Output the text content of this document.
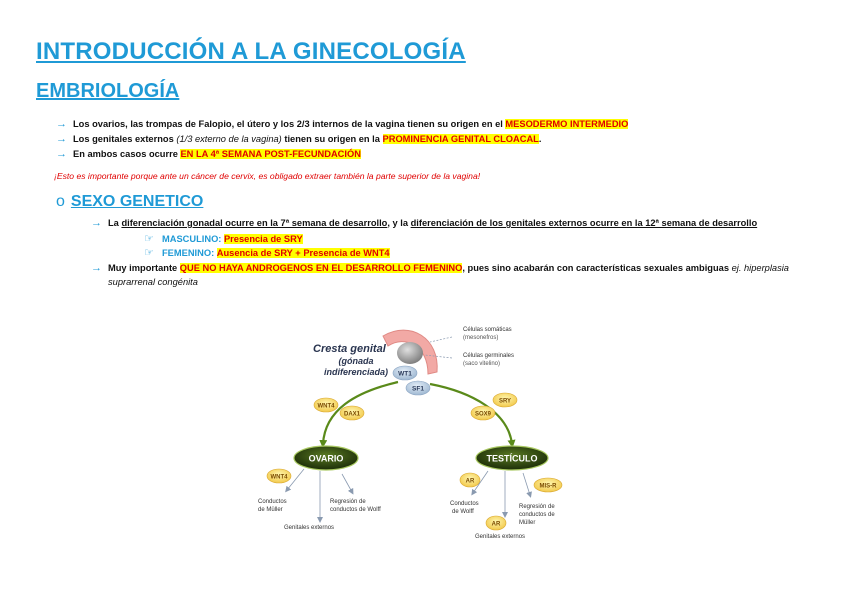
INTRODUCCIÓN A LA GINECOLOGÍA
EMBRIOLOGÍA
→ Los ovarios, las trompas de Falopio, el útero y los 2/3 internos de la vagina tienen su origen en el MESODERMO INTERMEDIO
→ Los genitales externos (1/3 externo de la vagina) tienen su origen en la PROMINENCIA GENITAL CLOACAL.
→ En ambos casos ocurre EN LA 4ª SEMANA POST-FECUNDACIÓN
¡Esto es importante porque ante un cáncer de cervix, es obligado extraer también la parte superior de la vagina!
o SEXO GENETICO
→ La diferenciación gonadal ocurre en la 7ª semana de desarrollo, y la diferenciación de los genitales externos ocurre en la 12ª semana de desarrollo
☞ MASCULINO: Presencia de SRY
☞ FEMENINO: Ausencia de SRY + Presencia de WNT4
→ Muy importante QUE NO HAYA ANDROGENOS EN EL DESARROLLO FEMENINO, pues sino acabarán con características sexuales ambiguas ej. hiperplasia
suprarrenal congénita
Cresta genital
(gónada
indiferenciada)
Células somáticas
(mesonefros)
Células germinales
(saco vitelino)
WT1
SF1
WNT4
DAX1
SRY
SOX9
OVARIO	TESTÍCULO
WNT4
Conductos
de Müller
Regresión de
conductos de Wolff
Genitales externos
AR
Conductos
de Wolff
AR
MIS-R
Regresión de
conductos de
Müller
Genitales externos
